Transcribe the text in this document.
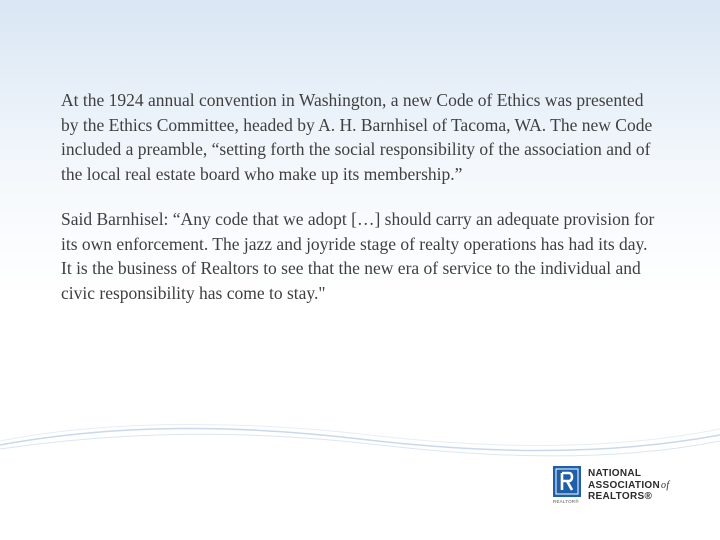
At the 1924 annual convention in Washington, a new Code of Ethics was presented by the Ethics Committee, headed by A. H. Barnhisel of Tacoma, WA. The new Code included a preamble, “setting forth the social responsibility of the association and of the local real estate board who make up its membership.”

Said Barnhisel: “Any code that we adopt […] should carry an adequate provision for its own enforcement. The jazz and joyride stage of realty operations has had its day. It is the business of Realtors to see that the new era of service to the individual and civic responsibility has come to stay."

REALTOR®
NATIONAL
ASSOCIATIONof
REALTORS®
